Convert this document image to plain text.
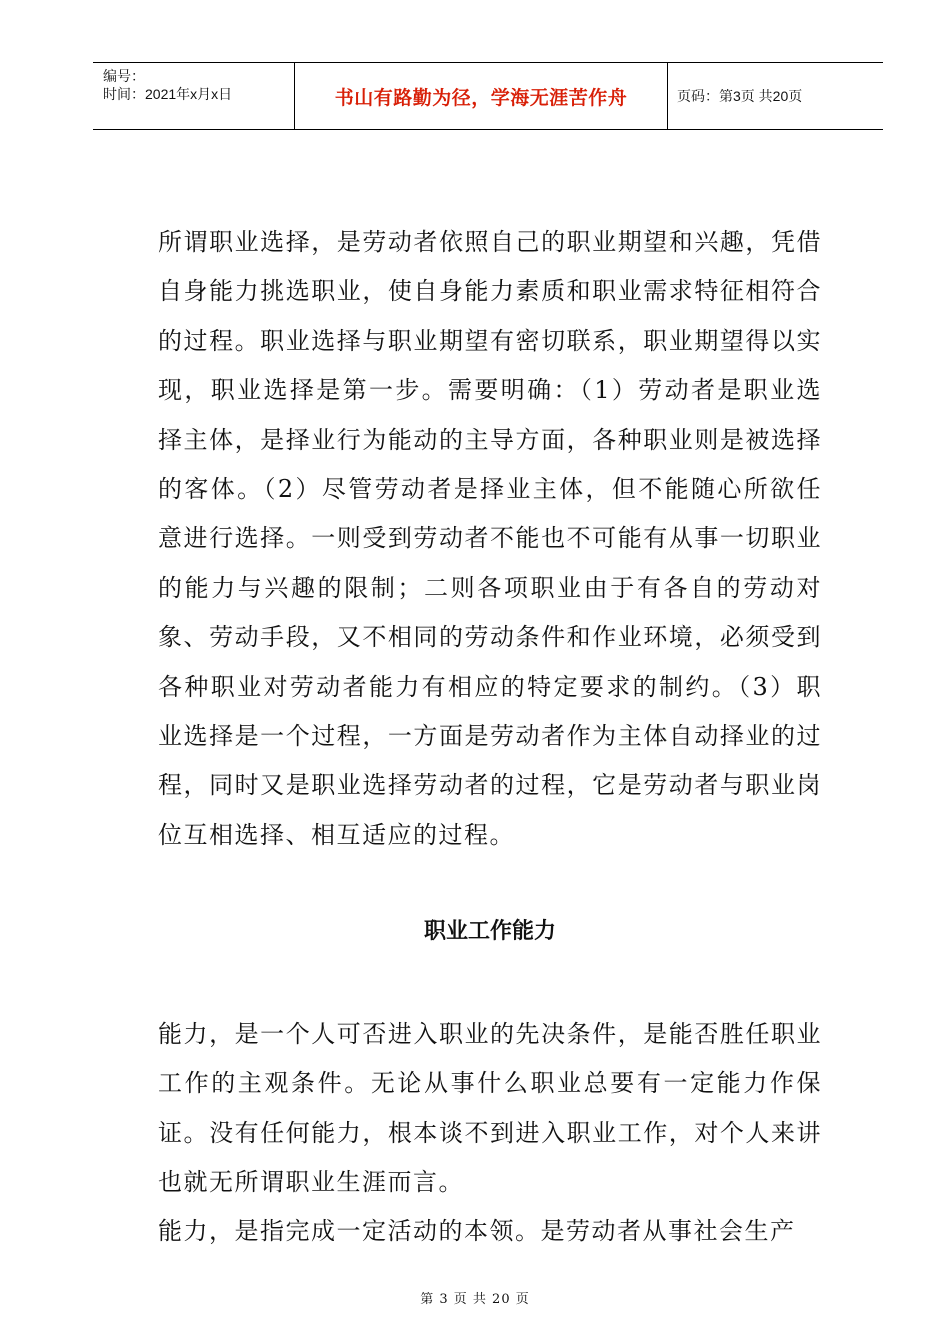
编号：
时间：2021年x月x日	书山有路勤为径，学海无涯苦作舟	页码：第3页 共20页

所谓职业选择，是劳动者依照自己的职业期望和兴趣，凭借自身能力挑选职业，使自身能力素质和职业需求特征相符合的过程。职业选择与职业期望有密切联系，职业期望得以实现，职业选择是第一步。需要明确：（1）劳动者是职业选择主体，是择业行为能动的主导方面，各种职业则是被选择的客体。（2）尽管劳动者是择业主体，但不能随心所欲任意进行选择。一则受到劳动者不能也不可能有从事一切职业的能力与兴趣的限制；二则各项职业由于有各自的劳动对象、劳动手段，又不相同的劳动条件和作业环境，必须受到各种职业对劳动者能力有相应的特定要求的制约。（3）职业选择是一个过程，一方面是劳动者作为主体自动择业的过程，同时又是职业选择劳动者的过程，它是劳动者与职业岗位互相选择、相互适应的过程。

职业工作能力

能力，是一个人可否进入职业的先决条件，是能否胜任职业工作的主观条件。无论从事什么职业总要有一定能力作保证。没有任何能力，根本谈不到进入职业工作，对个人来讲也就无所谓职业生涯而言。

能力，是指完成一定活动的本领。是劳动者从事社会生产

第 3 页 共 20 页
